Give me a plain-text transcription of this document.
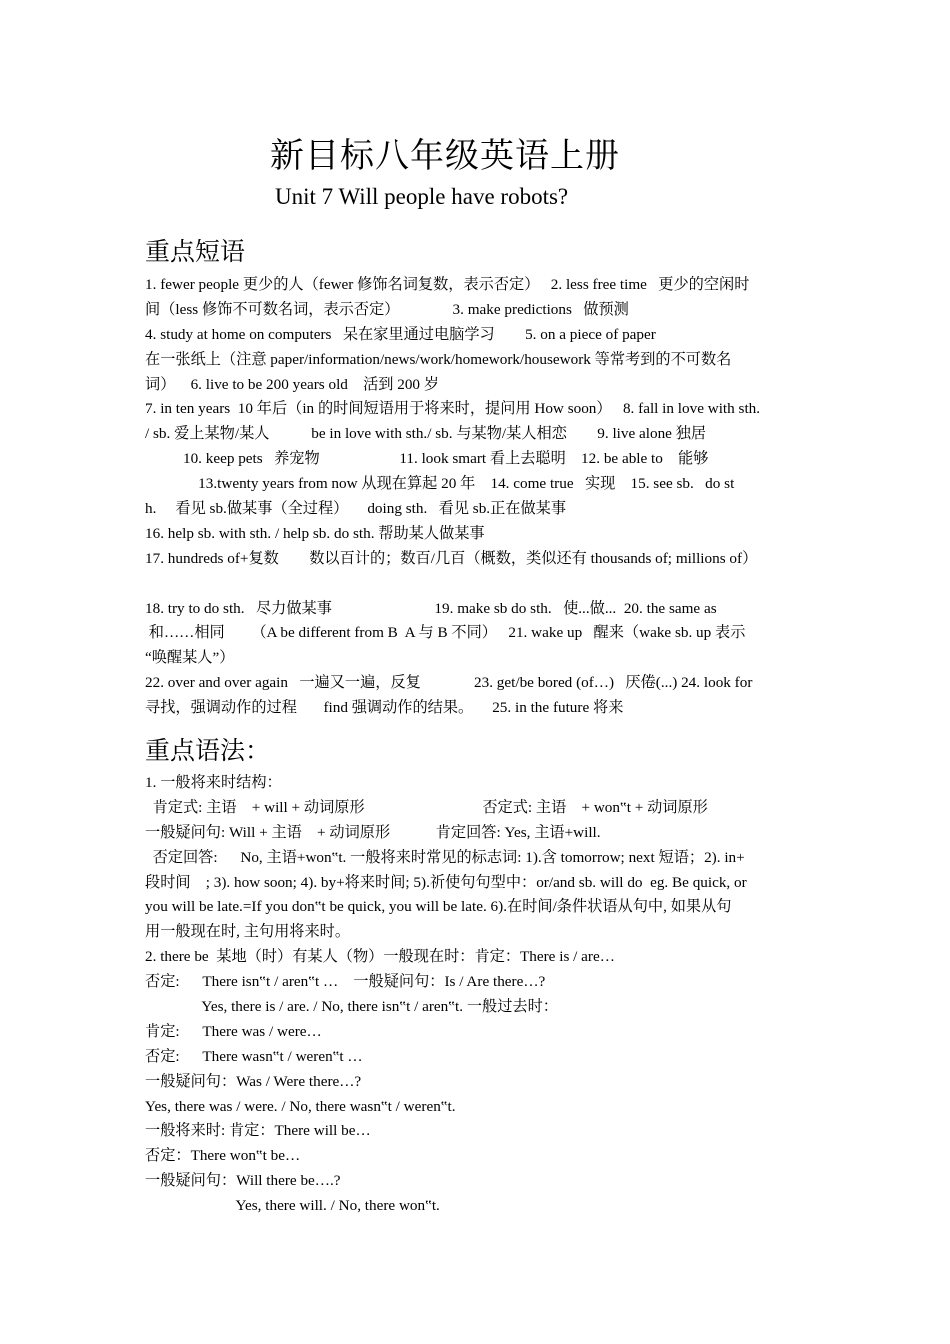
新目标八年级英语上册
Unit 7 Will people have robots?
重点短语
1. fewer people 更少的人（fewer 修饰名词复数，表示否定）   2. less free time   更少的空闲时
间（less 修饰不可数名词，表示否定）              3. make predictions   做预测
4. study at home on computers   呆在家里通过电脑学习        5. on a piece of paper
在一张纸上（注意 paper/information/news/work/homework/housework 等常考到的不可数名
词）    6. live to be 200 years old    活到 200 岁
7. in ten years  10 年后（in 的时间短语用于将来时，提问用 How soon）   8. fall in love with sth.
/ sb. 爱上某物/某人           be in love with sth./ sb. 与某物/某人相恋        9. live alone 独居
10. keep pets   养宠物                     11. look smart 看上去聪明    12. be able to    能够
13.twenty years from now 从现在算起 20 年    14. come true   实现    15. see sb.   do st
h.     看见 sb.做某事（全过程）     doing sth.   看见 sb.正在做某事
16. help sb. with sth. / help sb. do sth. 帮助某人做某事
17. hundreds of+复数        数以百计的；数百/几百（概数，类似还有 thousands of; millions of）
18. try to do sth.   尽力做某事                           19. make sb do sth.   使...做...  20. the same as
和……相同       （A be different from B  A 与 B 不同）   21. wake up   醒来（wake sb. up 表示
“唤醒某人”）
22. over and over again   一遍又一遍，反复              23. get/be bored (of…)   厌倦(...) 24. look for
寻找，强调动作的过程       find 强调动作的结果。     25. in the future 将来
重点语法：
1. 一般将来时结构：
肯定式: 主语    + will + 动词原形                               否定式: 主语    + won‟t + 动词原形
一般疑问句: Will + 主语    + 动词原形            肯定回答: Yes, 主语+will.
否定回答:      No, 主语+won‟t. 一般将来时常见的标志词: 1).含 tomorrow; next 短语；2). in+
段时间    ; 3). how soon; 4). by+将来时间; 5).祈使句句型中：or/and sb. will do  eg. Be quick, or
you will be late.=If you don‟t be quick, you will be late. 6).在时间/条件状语从句中, 如果从句
用一般现在时, 主句用将来时。
2. there be  某地（时）有某人（物）一般现在时：肯定：There is / are…
否定:      There isn‟t / aren‟t …    一般疑问句：Is / Are there…?
Yes, there is / are. / No, there isn‟t / aren‟t. 一般过去时：
肯定:      There was / were…
否定:      There wasn‟t / weren‟t …
一般疑问句：Was / Were there…?
Yes, there was / were. / No, there wasn‟t / weren‟t.
一般将来时: 肯定：There will be…
否定：There won‟t be…
一般疑问句：Will there be….?
Yes, there will. / No, there won‟t.
